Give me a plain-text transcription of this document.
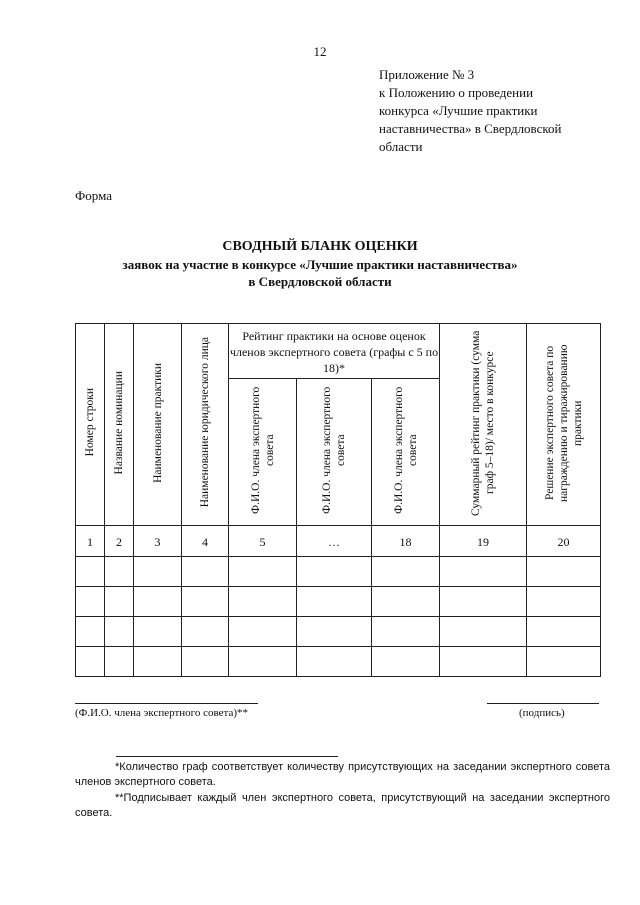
12
Приложение № 3
к Положению о проведении
конкурса «Лучшие практики
наставничества» в Свердловской
области
Форма
СВОДНЫЙ БЛАНК ОЦЕНКИ
заявок на участие в конкурсе «Лучшие практики наставничества»
в Свердловской области
Номер строки	Название номинации	Наименование практики	Наименование юридического лица	Рейтинг практики на основе оценок членов экспертного совета (графы с 5 по 18)*			Суммарный рейтинг практики (сумма граф 5–18)/ место в конкурсе	Решение экспертного совета по награждению и тиражированию практики
				Ф.И.О. члена экспертного совета	Ф.И.О. члена экспертного совета	Ф.И.О. члена экспертного совета		
1	2	3	4	5	…	18	19	20

(Ф.И.О. члена экспертного совета)**	(подпись)
*Количество граф соответствует количеству присутствующих на заседании экспертного совета членов экспертного совета.
**Подписывает каждый член экспертного совета, присутствующий на заседании экспертного совета.
